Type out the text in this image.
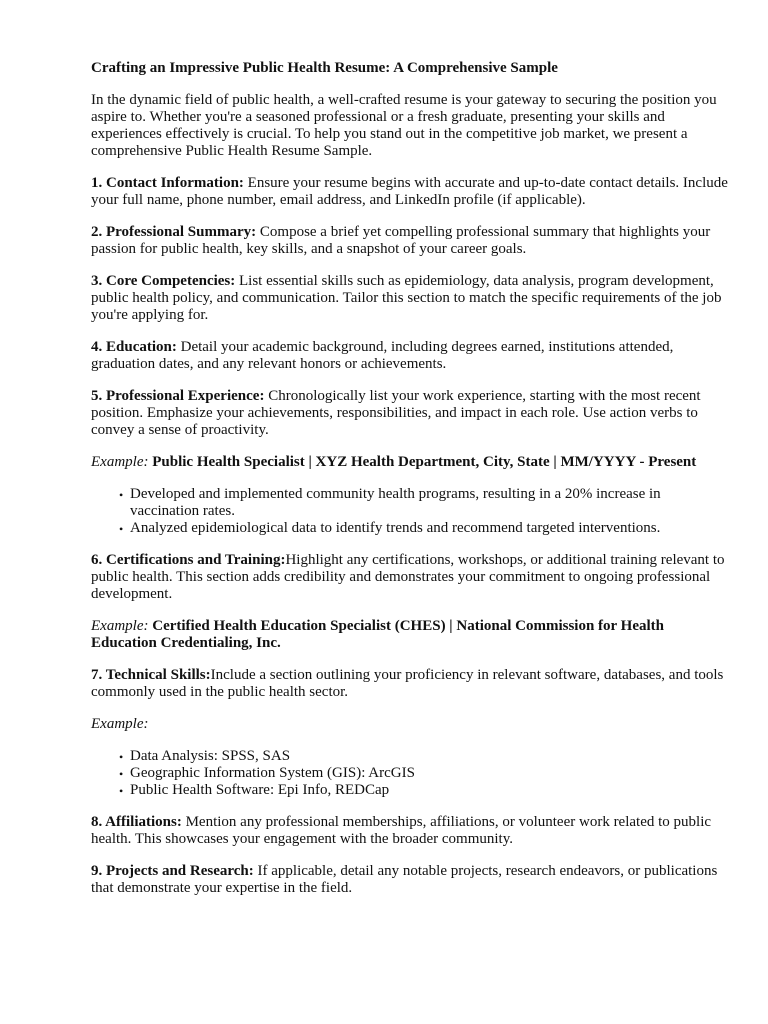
Crafting an Impressive Public Health Resume: A Comprehensive Sample

In the dynamic field of public health, a well-crafted resume is your gateway to securing the position you aspire to. Whether you're a seasoned professional or a fresh graduate, presenting your skills and experiences effectively is crucial. To help you stand out in the competitive job market, we present a comprehensive Public Health Resume Sample.

1. Contact Information: Ensure your resume begins with accurate and up-to-date contact details. Include your full name, phone number, email address, and LinkedIn profile (if applicable).

2. Professional Summary: Compose a brief yet compelling professional summary that highlights your passion for public health, key skills, and a snapshot of your career goals.

3. Core Competencies: List essential skills such as epidemiology, data analysis, program development, public health policy, and communication. Tailor this section to match the specific requirements of the job you're applying for.

4. Education: Detail your academic background, including degrees earned, institutions attended, graduation dates, and any relevant honors or achievements.

5. Professional Experience: Chronologically list your work experience, starting with the most recent position. Emphasize your achievements, responsibilities, and impact in each role. Use action verbs to convey a sense of proactivity.

Example: Public Health Specialist | XYZ Health Department, City, State | MM/YYYY - Present

• Developed and implemented community health programs, resulting in a 20% increase in vaccination rates.
• Analyzed epidemiological data to identify trends and recommend targeted interventions.

6. Certifications and Training:Highlight any certifications, workshops, or additional training relevant to public health. This section adds credibility and demonstrates your commitment to ongoing professional development.

Example: Certified Health Education Specialist (CHES) | National Commission for Health Education Credentialing, Inc.

7. Technical Skills:Include a section outlining your proficiency in relevant software, databases, and tools commonly used in the public health sector.

Example:

• Data Analysis: SPSS, SAS
• Geographic Information System (GIS): ArcGIS
• Public Health Software: Epi Info, REDCap

8. Affiliations: Mention any professional memberships, affiliations, or volunteer work related to public health. This showcases your engagement with the broader community.

9. Projects and Research: If applicable, detail any notable projects, research endeavors, or publications that demonstrate your expertise in the field.
